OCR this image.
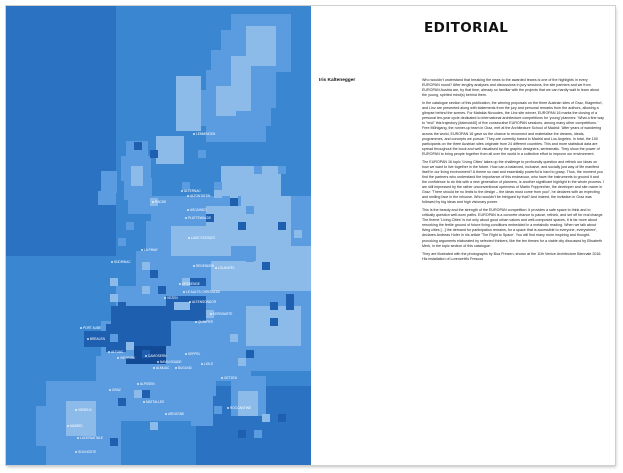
LEMMINGEN
ALTERNAC
ALTONTATEN
RADDE
ASCAINDO
PLATTEWALDE
LAGE STATSATI
LA PINAY
SUDRINAC
RENENDEN LOUAUFEL
DRSDENDE
LE AULTS CHRISSEDE
VEZEN
ALTENSONDOR
KERNSARTE
QUIMPER
PORT AUBE
BREALEN
ALTUAC
VIEYROM	CAMOSERN
ALMUAC
NAVIN SOADE
BUGUND
KEPPEL
LIOLS
ALPSSEN
GETZEN
GRAZ
MATTALLES
VIESELN
ARDOGNE
MADRID
LUCKRADTALE
ROCCANTINE
SOLINOSTE
EDITORIAL
Iris Kaltenegger	Who wouldn't understand that breaking the news to the awarded teams is one of the highlights in every EUROPAN round? After lengthy analyses and discussions in jury sessions, the site partners and we from EUROPAN Austria are, by that time, already so familiar with the projects that we can hardly wait to learn about the young, spirited mind(s) behind them.

In the catalogue section of this publication, the winning proposals on the three Austrian sites of Graz, Klagenfurt, and Linz are presented along with statements from the jury and personal remarks from the authors, allowing a glimpse behind the scenes. For Mafalda Nicoudes, the Linz site winner, EUROPAN 16 marks the closing of a personal ten-year cycle dedicated to international architecture competitions for 'young' planners: 'What a fine way to "end" this trajectory [#almost40] of five consecutive EUROPAN sessions, among many other competitions.' Free Műhlgang, the runner-up team in Graz, met at the Architecture School of Madrid: 'After years of wandering across the world, EUROPAN 16 gave us the chance to reconnect and materialise the dreams, ideals, programmes, and concepts we pursue.' They are currently based in Madrid and Los Angeles. In total, the 100 participants on the three Austrian sites originate from 24 different countries. This and more statistical data are spread throughout the book and well visualised by the graphic designers, seriesmatic. They show the power of EUROPAN to bring people together from all over the world in a collective effort to improve our environment.

The EUROPAN 16 topic 'Living Cities' takes up the challenge to profoundly question and rethink our ideas on how we want to live together in the future. How can a balanced, inclusive, and socially just way of life manifest itself in our living environment? A theme so vast and essentially powerful is hard to grasp. Thus, the moment you find the partners who understand the importance of this endeavour, who have the instruments to ground it and the confidence to do this with a new generation of planners, is another significant highlight in the whole process. I am still impressed by the rather unconventional openness of Martin Popprecher, the developer and site owner in Graz: 'There should be no limits to the design – the ideas must come from you!', he declares with an expecting and smiling face in the inhouse. Who wouldn't be intrigued by that? And indeed, the invitation in Graz was followed by big ideas and high visionary power.

This is the beauty and the strength of the EUROPAN competition: it provides a safe space to think and to critically question well-worn paths. EUROPAN is a concrete chance to pause, rethink, and set off for real change. The theme 'Living Cities' is not only about good urban values and well-composed spaces, it is far more about reworking the fertile ground of future living conditions embedded in a metabolic reading. When we talk about living cities [...] the demand for participation remains, for a space that is accessible to everyone, everywhere', declares Andreas Hofer in his article 'The Right to Space'. You will find many more inspiring and thought-provoking arguments elaborated by selected thinkers, like the ten theses for a viable city discussed by Elisabeth Merk, in the topic section of this catalogue.

They are illustrated with the photographs by Boa Prinzen, shown at the 11th Venice Architecture Biennale 2016. His installation of Lorenzetti's Frescos
